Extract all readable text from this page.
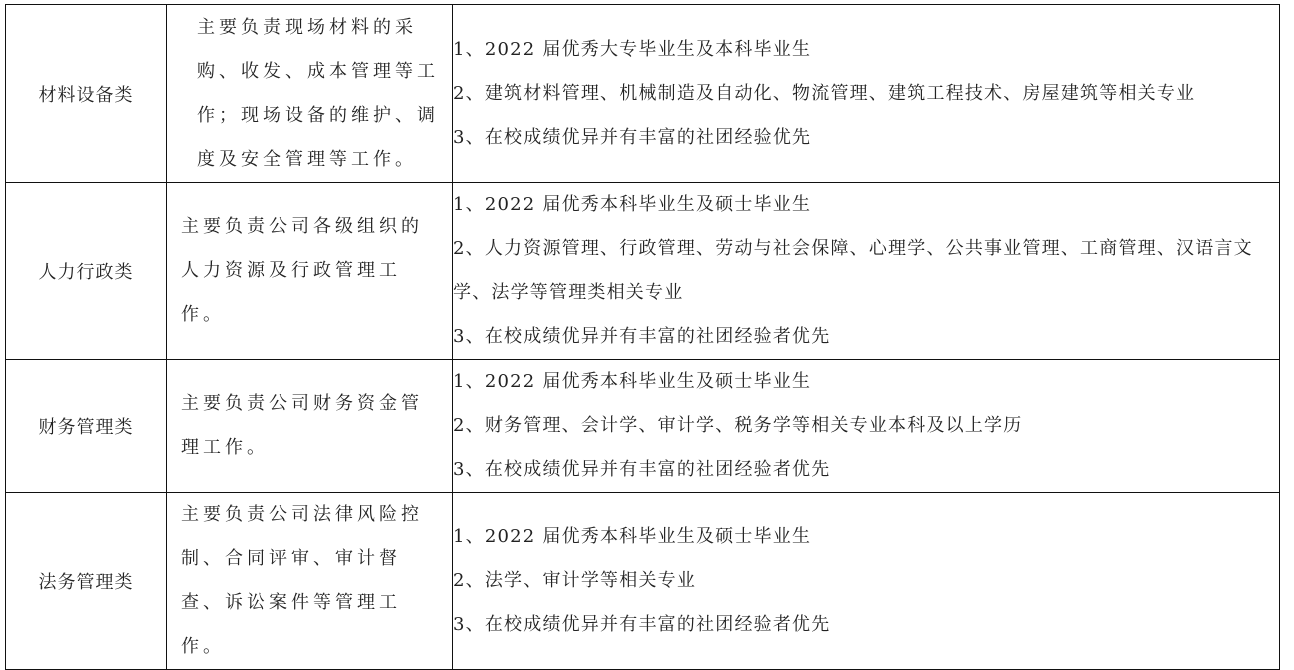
材料设备类	主要负责现场材料的采购、收发、成本管理等工作；现场设备的维护、调度及安全管理等工作。	1、2022 届优秀大专毕业生及本科毕业生
2、建筑材料管理、机械制造及自动化、物流管理、建筑工程技术、房屋建筑等相关专业
3、在校成绩优异并有丰富的社团经验优先

人力行政类	主要负责公司各级组织的人力资源及行政管理工作。	1、2022 届优秀本科毕业生及硕士毕业生
2、人力资源管理、行政管理、劳动与社会保障、心理学、公共事业管理、工商管理、汉语言文学、法学等管理类相关专业
3、在校成绩优异并有丰富的社团经验者优先

财务管理类	主要负责公司财务资金管理工作。	1、2022 届优秀本科毕业生及硕士毕业生
2、财务管理、会计学、审计学、税务学等相关专业本科及以上学历
3、在校成绩优异并有丰富的社团经验者优先

法务管理类	主要负责公司法律风险控制、合同评审、审计督查、诉讼案件等管理工作。	1、2022 届优秀本科毕业生及硕士毕业生
2、法学、审计学等相关专业
3、在校成绩优异并有丰富的社团经验者优先
